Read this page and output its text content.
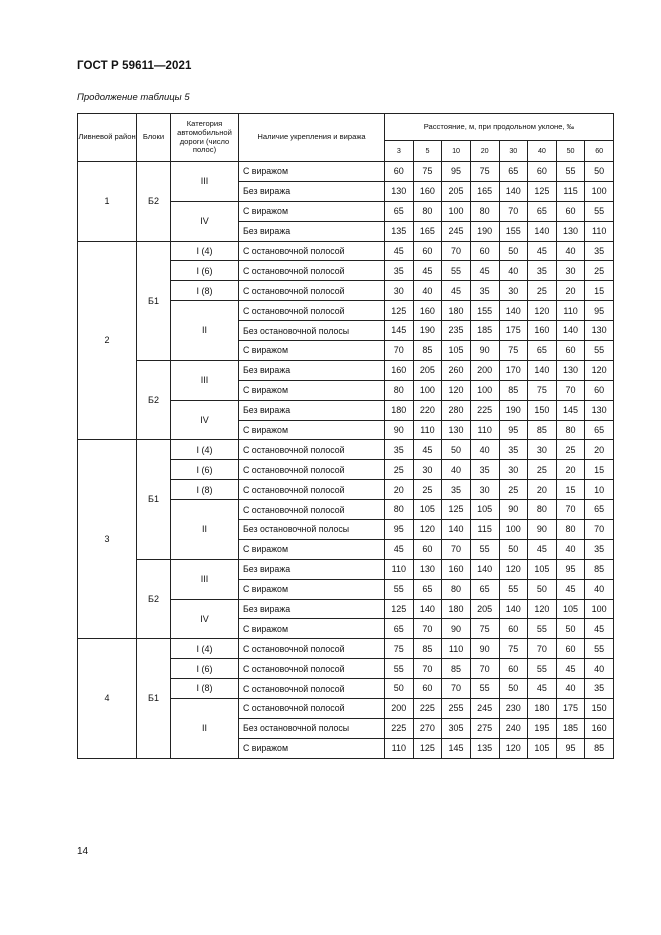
ГОСТ Р 59611—2021
Продолжение таблицы 5
Ливневой район	Блоки	Категория автомобильной дороги (число полос)	Наличие укрепления и виража	Расстояние, м, при продольном уклоне, ‰							
				3	5	10	20	30	40	50	60
1	Б2	III	С виражом	60	75	95	75	65	60	55	50
			Без виража	130	160	205	165	140	125	115	100
		IV	С виражом	65	80	100	80	70	65	60	55
			Без виража	135	165	245	190	155	140	130	110
2	Б1	I (4)	С остановочной полосой	45	60	70	60	50	45	40	35
		I (6)	С остановочной полосой	35	45	55	45	40	35	30	25
		I (8)	С остановочной полосой	30	40	45	35	30	25	20	15
		II	С остановочной полосой	125	160	180	155	140	120	110	95
			Без остановочной полосы	145	190	235	185	175	160	140	130
			С виражом	70	85	105	90	75	65	60	55
	Б2	III	Без виража	160	205	260	200	170	140	130	120
			С виражом	80	100	120	100	85	75	70	60
		IV	Без виража	180	220	280	225	190	150	145	130
			С виражом	90	110	130	110	95	85	80	65
3	Б1	I (4)	С остановочной полосой	35	45	50	40	35	30	25	20
		I (6)	С остановочной полосой	25	30	40	35	30	25	20	15
		I (8)	С остановочной полосой	20	25	35	30	25	20	15	10
		II	С остановочной полосой	80	105	125	105	90	80	70	65
			Без остановочной полосы	95	120	140	115	100	90	80	70
			С виражом	45	60	70	55	50	45	40	35
	Б2	III	Без виража	110	130	160	140	120	105	95	85
			С виражом	55	65	80	65	55	50	45	40
		IV	Без виража	125	140	180	205	140	120	105	100
			С виражом	65	70	90	75	60	55	50	45
4	Б1	I (4)	С остановочной полосой	75	85	110	90	75	70	60	55
		I (6)	С остановочной полосой	55	70	85	70	60	55	45	40
		I (8)	С остановочной полосой	50	60	70	55	50	45	40	35
		II	С остановочной полосой	200	225	255	245	230	180	175	150
			Без остановочной полосы	225	270	305	275	240	195	185	160
			С виражом	110	125	145	135	120	105	95	85
14
